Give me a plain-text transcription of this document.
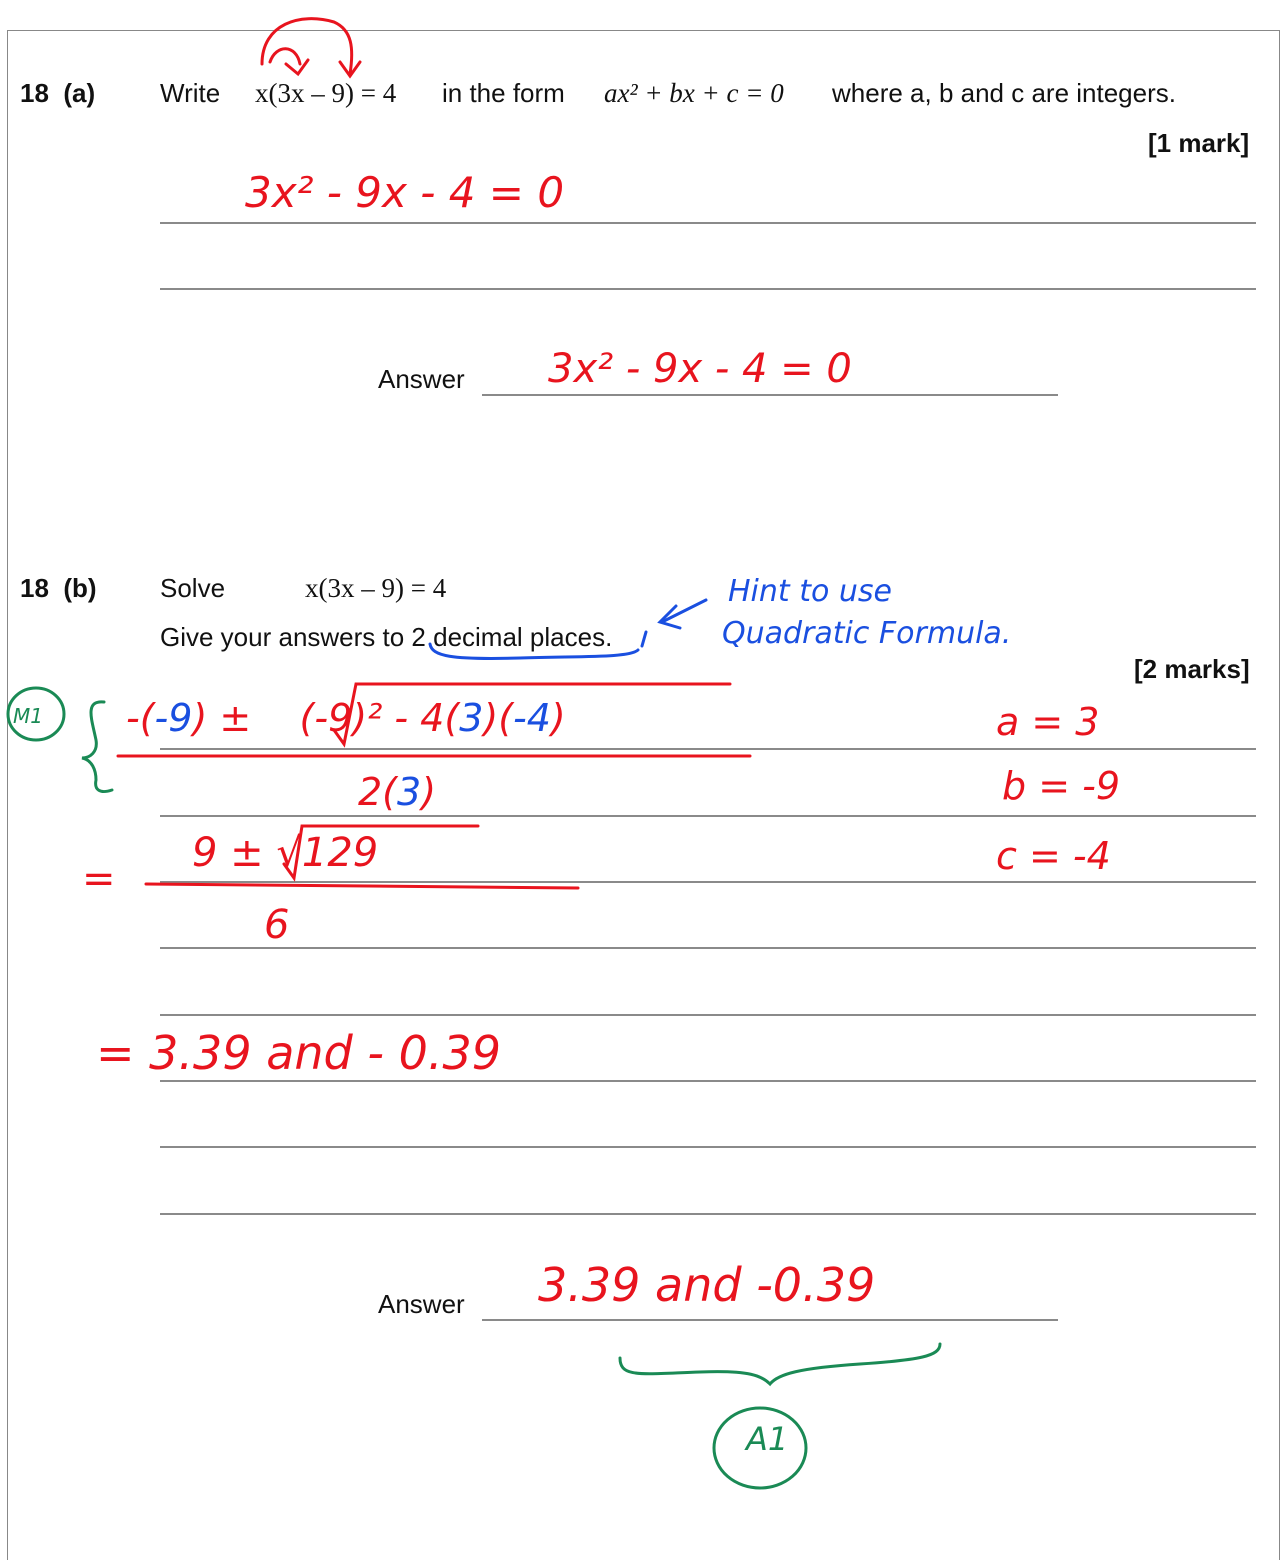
18 (a) Write x(3x – 9) = 4 in the form ax² + bx + c = 0 where a, b and c are integers.
[1 mark]
Answer
3x² - 9x - 4 = 0
3x² - 9x - 4 = 0
18 (b) Solve	x(3x – 9) = 4
Give your answers to 2 decimal places.
[2 marks]
Answer
Hint to use
Quadratic Formula.
M1 -(-9) ± (-9)² - 4(3)(-4)
2(3)
a = 3
b = -9
c = -4
=
9 ± √129
6
= 3.39 and - 0.39
3.39 and -0.39
A1
